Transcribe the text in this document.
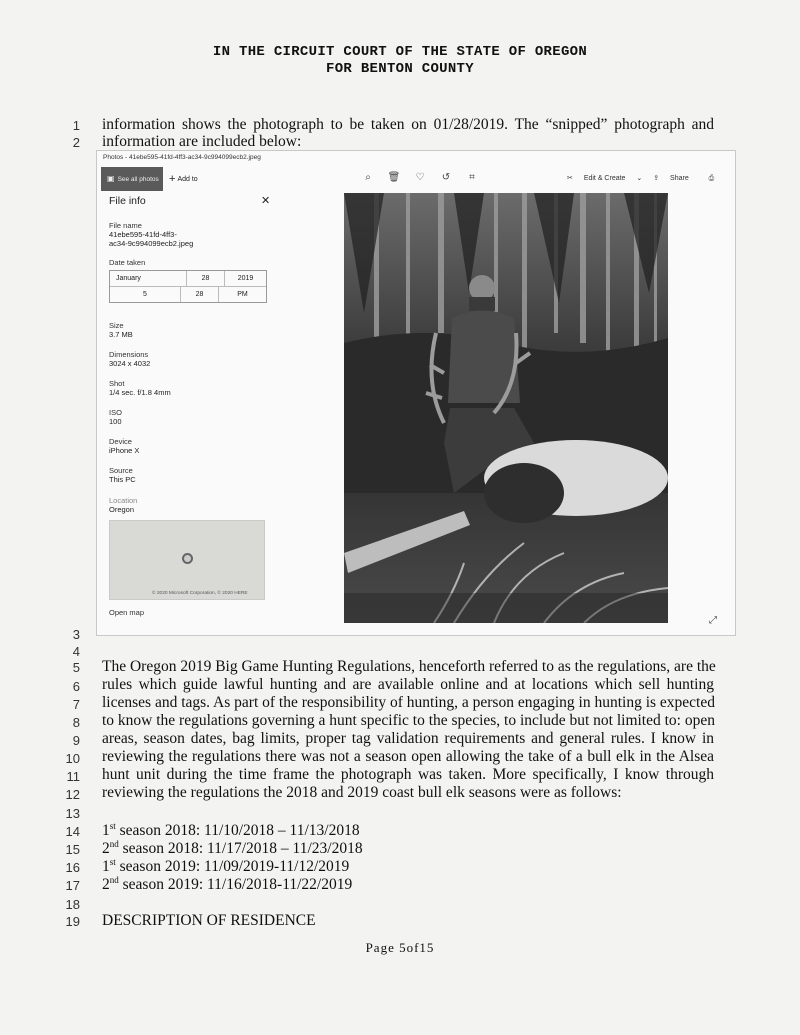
IN THE CIRCUIT COURT OF THE STATE OF OREGON
FOR BENTON COUNTY
1
2
3
4
5
6
7
8
9
10
11
12
13
14
15
16
17
18
19
information shows the photograph to be taken on 01/28/2019. The “snipped” photograph and
information are included below:
Photos - 41ebe595-41fd-4ff3-ac34-9c994099ecb2.jpeg
▣ See all photos + Add to	⌕ 🗑 ♡ ↺ ⌗	✂ Edit & Create ⌄ ⇪ Share	⎙
File info	✕
File name
41ebe595-41fd-4ff3-
ac34-9c994099ecb2.jpeg
Date taken
January	28	2019
5	28	PM
Size
3.7 MB
Dimensions
3024 x 4032
Shot
1/4 sec. f/1.8 4mm
ISO
100
Device
iPhone X
Source
This PC
Location
Oregon
© 2020 Microsoft Corporation, © 2020 HERE
Open map
⤢
The Oregon 2019 Big Game Hunting Regulations, henceforth referred to as the regulations, are the
rules which guide lawful hunting and are available online and at locations which sell hunting
licenses and tags. As part of the responsibility of hunting, a person engaging in hunting is expected
to know the regulations governing a hunt specific to the species, to include but not limited to: open
areas, season dates, bag limits, proper tag validation requirements and general rules. I know in
reviewing the regulations there was not a season open allowing the take of a bull elk in the Alsea
hunt unit during the time frame the photograph was taken. More specifically, I know through
reviewing the regulations the 2018 and 2019 coast bull elk seasons were as follows:
1st season 2018: 11/10/2018 – 11/13/2018
2nd season 2018: 11/17/2018 – 11/23/2018
1st season 2019: 11/09/2019-11/12/2019
2nd season 2019: 11/16/2018-11/22/2019
DESCRIPTION OF RESIDENCE
Page 5of15
